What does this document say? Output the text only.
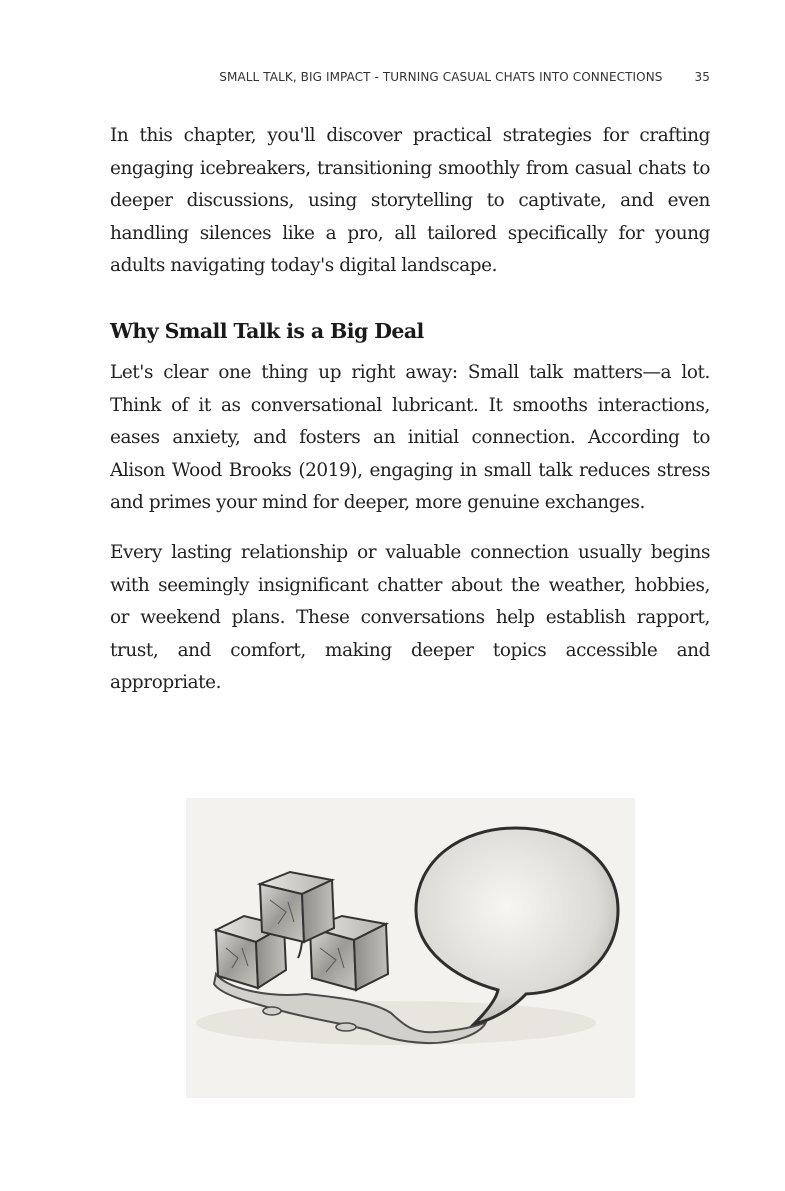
SMALL TALK, BIG IMPACT - TURNING CASUAL CHATS INTO CONNECTIONS	35

In this chapter, you'll discover practical strategies for crafting engaging icebreakers, transitioning smoothly from casual chats to deeper discussions, using storytelling to captivate, and even handling silences like a pro, all tailored specifically for young adults navigating today's digital landscape.

Why Small Talk is a Big Deal

Let's clear one thing up right away: Small talk matters—a lot. Think of it as conversational lubricant. It smooths interactions, eases anxiety, and fosters an initial connection. According to Alison Wood Brooks (2019), engaging in small talk reduces stress and primes your mind for deeper, more genuine exchanges.

Every lasting relationship or valuable connection usually begins with seemingly insignificant chatter about the weather, hobbies, or weekend plans. These conversations help establish rapport, trust, and comfort, making deeper topics accessible and appropriate.
